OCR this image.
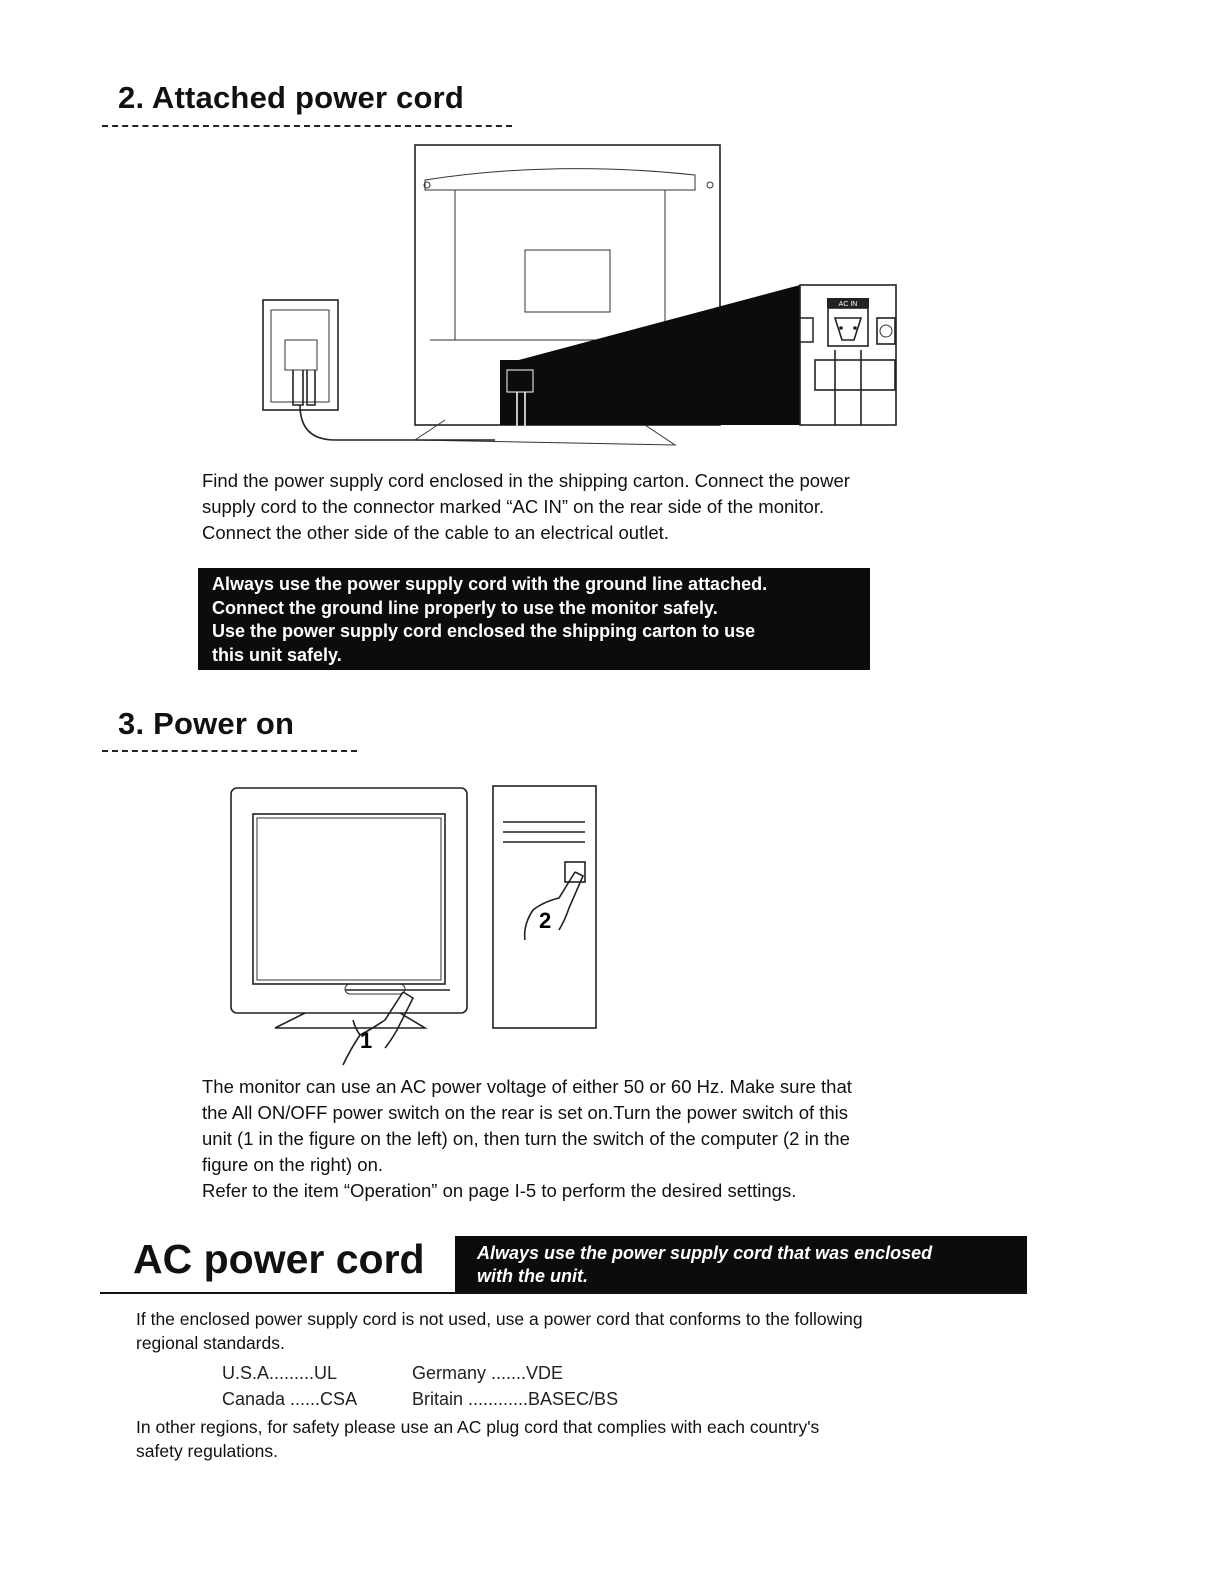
2. Attached power cord
AC IN

Find the power supply cord enclosed in the shipping carton. Connect the power

supply cord to the connector marked “AC IN” on the rear side of the monitor.

Connect the other side of the cable to an electrical outlet.

Always use the power supply cord with the ground line attached.

Connect the ground line properly to use the monitor safely.

Use the power supply cord enclosed the shipping carton to use

this unit safely.

3. Power on
1
2

The monitor can use an AC power voltage of either 50 or 60 Hz. Make sure that

the All ON/OFF power switch on the rear is set on.Turn the power switch of this

unit (1 in the figure on the left) on, then turn the switch of the computer (2 in the

figure on the right) on.

Refer to the item “Operation” on page I-5 to perform the desired settings.

AC power cord	Always use the power supply cord that was enclosed

with the unit.

If the enclosed power supply cord is not used, use a power cord that conforms to the following

regional standards.

U.S.A.........UL	Germany .......VDE
Canada ......CSA	Britain ............BASEC/BS

In other regions, for safety please use an AC plug cord that complies with each country's

safety regulations.
